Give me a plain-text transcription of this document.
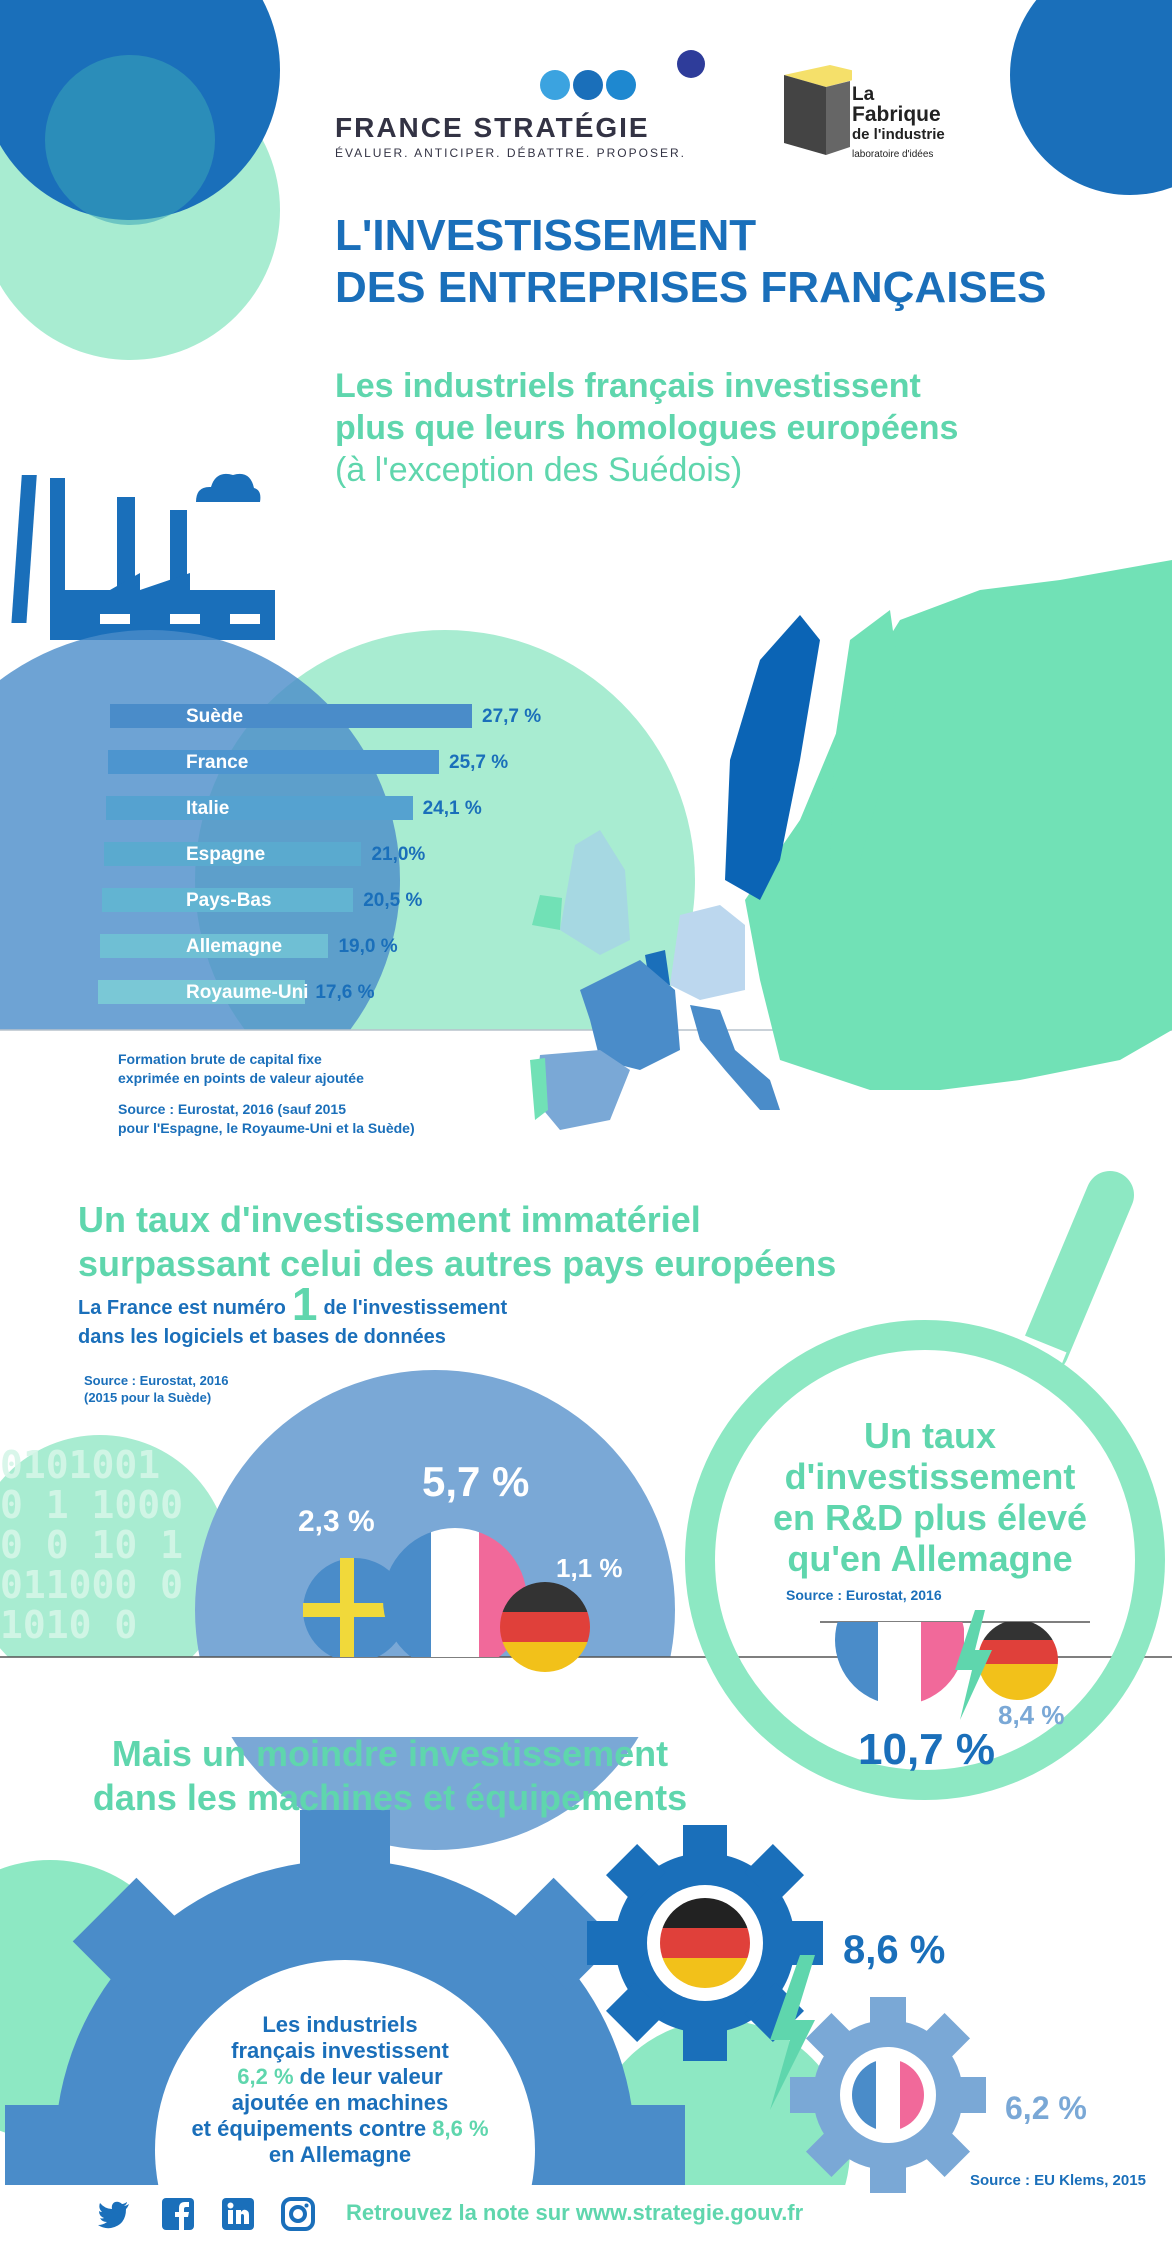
FRANCE STRATÉGIE
ÉVALUER. ANTICIPER. DÉBATTRE. PROPOSER.
La
Fabrique
de l'industrie
laboratoire d'idées
L'INVESTISSEMENT
DES ENTREPRISES FRANÇAISES
Les industriels français investissent
plus que leurs homologues européens
(à l'exception des Suédois)
Suède	27,7 %
France	25,7 %
Italie	24,1 %
Espagne	21,0%
Pays-Bas	20,5 %
Allemagne	19,0 %
Royaume-Uni 17,6 %
Formation brute de capital fixe
exprimée en points de valeur ajoutée
Source : Eurostat, 2016 (sauf 2015
pour l'Espagne, le Royaume-Uni et la Suède)
Un taux d'investissement immatériel
surpassant celui des autres pays européens
La France est numéro 1 de l'investissement
dans les logiciels et bases de données
Source : Eurostat, 2016
(2015 pour la Suède)
0101001 0 1 10000 0 10 1011000 0 1010 0
2,3 %
5,7 %
1,1 %
Un taux
d'investissement
en R&D plus élevé
qu'en Allemagne
Source : Eurostat, 2016
10,7 %
8,4 %
Mais un moindre investissement
dans les machines et équipements
Les industriels
français investissent
6,2 % de leur valeur
ajoutée en machines
et équipements contre 8,6 %
en Allemagne
8,6 %
6,2 %
Source : EU Klems, 2015
Retrouvez la note sur www.strategie.gouv.fr
